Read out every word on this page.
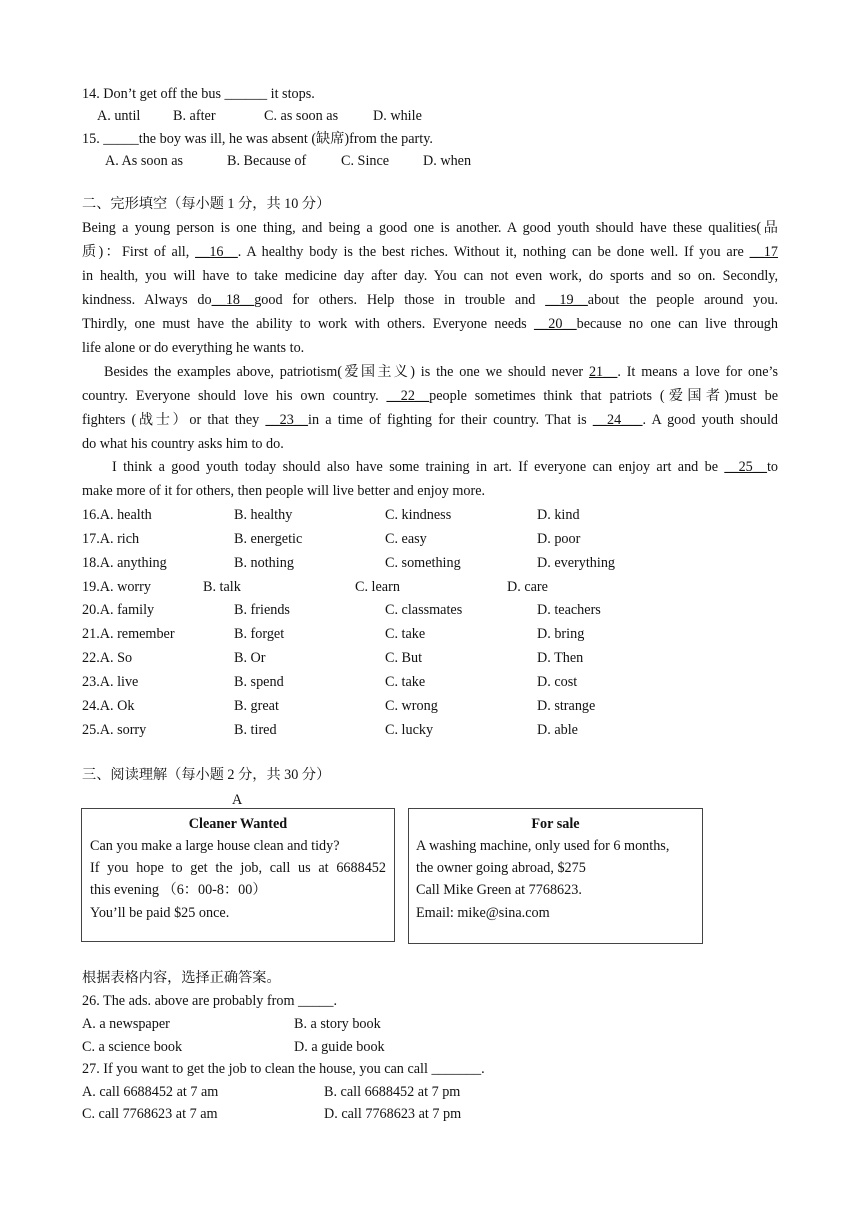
14. Don’t get off the bus ______ it stops.
A. until B. after	C. as soon as D. while
15. _____the boy was ill, he was absent (缺席)from the party.
A. As soon as	B. Because of C. Since D. when
二、完形填空（每小题 1 分，共 10 分）
Being a young person is one thing, and being a good one is another. A good youth should have these qualities(品
质)：First of all, __16__. A healthy body is the best riches. Without it, nothing can be done well. If you are __17
in health, you will have to take medicine day after day. You can not even work, do sports and so on. Secondly,
kindness. Always do__18__good for others. Help those in trouble and __19__about the people around you.
Thirdly, one must have the ability to work with others. Everyone needs __20__because no one can live through
life alone or do everything he wants to.
Besides the examples above, patriotism(爱国主义) is the one we should never 21__. It means a love for one’s
country. Everyone should love his own country. __22__people sometimes think that patriots (爱国者)must be
fighters (战士）or that they __23__in a time of fighting for their country. That is __24___. A good youth should
do what his country asks him to do.
I think a good youth today should also have some training in art. If everyone can enjoy art and be __25__to
make more of it for others, then people will live better and enjoy more.
16.A. health	B. healthy	C. kindness	D. kind
17.A. rich	B. energetic	C. easy	D. poor
18.A. anything	B. nothing	C. something	D. everything
19.A. worry	B. talk	C. learn	D. care
20.A. family	B. friends	C. classmates	D. teachers
21.A. remember	B. forget	C. take	D. bring
22.A. So	B. Or	C. But	D. Then
23.A. live	B. spend	C. take	D. cost
24.A. Ok	B. great	C. wrong	D. strange
25.A. sorry	B. tired	C. lucky	D. able
三、阅读理解（每小题 2 分，共 30 分）
A
Cleaner Wanted
Can you make a large house clean and tidy?
If you hope to get the job, call us at 6688452
this evening （6：00-8：00）
You’ll be paid $25 once.
For sale
A washing machine, only used for 6 months,
the owner going abroad, $275
Call Mike Green at 7768623.
Email: mike@sina.com
根据表格内容，选择正确答案。
26. The ads. above are probably from _____.
A. a newspaper	B. a story book
C. a science book	D. a guide book
27. If you want to get the job to clean the house, you can call _______.
A. call 6688452 at 7 am	B. call 6688452 at 7 pm
C. call 7768623 at 7 am	D. call 7768623 at 7 pm
